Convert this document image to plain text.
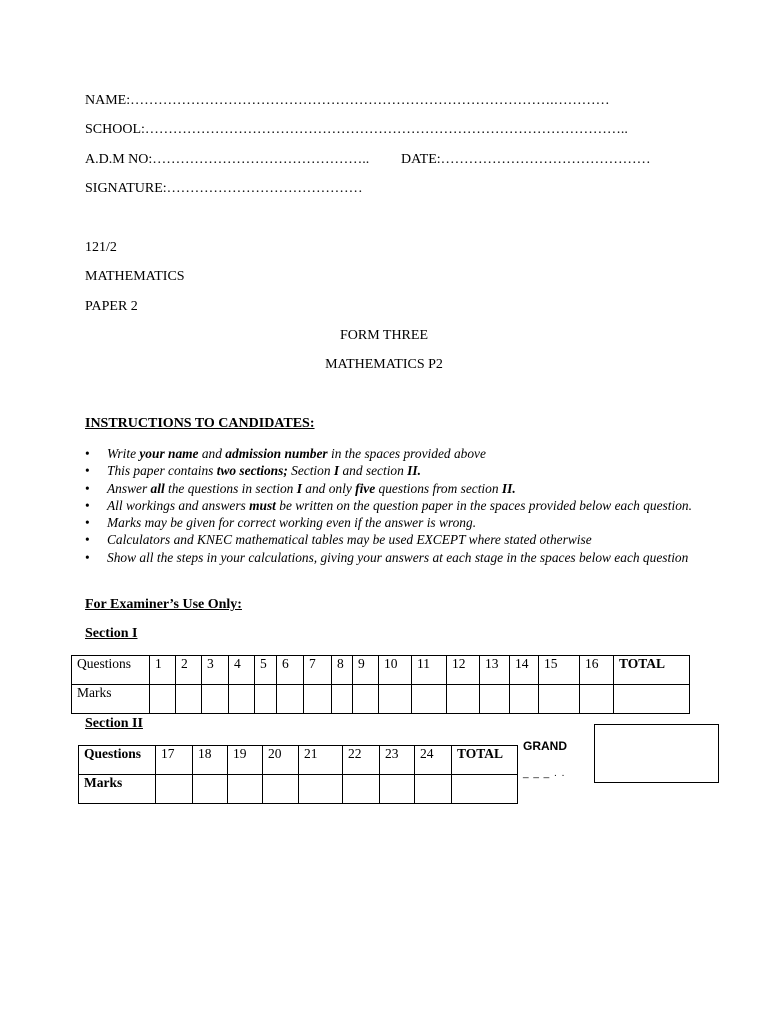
NAME:……………………………………………………………………………….…………
SCHOOL:…………………………………………………………………………………………..
A.D.M NO:……………………………………….. DATE:………………………………………
SIGNATURE:……………………………………
121/2
MATHEMATICS
PAPER 2
FORM THREE
MATHEMATICS P2
INSTRUCTIONS TO CANDIDATES:
• Write your name and admission number in the spaces provided above
• This paper contains two sections; Section I and section II.
• Answer all the questions in section I and only five questions from section II.
• All workings and answers must be written on the question paper in the spaces provided below each question.
• Marks may be given for correct working even if the answer is wrong.
• Calculators and KNEC mathematical tables may be used EXCEPT where stated otherwise
• Show all the steps in your calculations, giving your answers at each stage in the spaces below each question
For Examiner’s Use Only:
Section I
Questions	1	2	3	4	5	6	7	8	9	10	11	12	13	14	15	16	TOTAL
Marks																	
Section II
Questions	17	18	19	20	21	22	23	24	TOTAL
Marks									
GRAND
_ _ _ . .
